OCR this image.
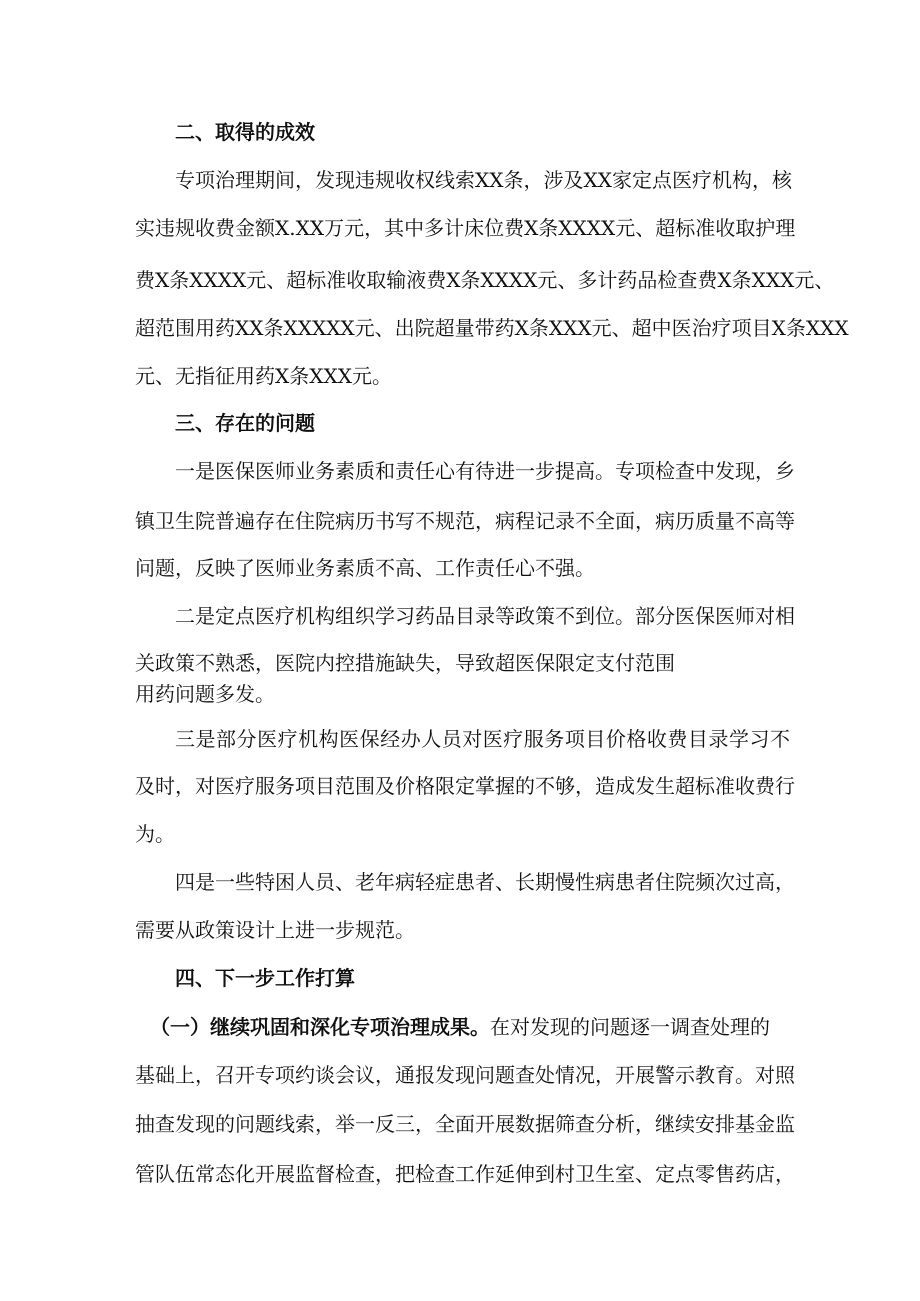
二、取得的成效
专项治理期间，发现违规收权线索XX条，涉及XX家定点医疗机构，核
实违规收费金额X.XX万元，其中多计床位费X条XXXX元、超标准收取护理
费X条XXXX元、超标准收取输液费X条XXXX元、多计药品检查费X条XXX元、
超范围用药XX条XXXXX元、出院超量带药X条XXX元、超中医治疗项目X条XXX
元、无指征用药X条XXX元。
三、存在的问题
一是医保医师业务素质和责任心有待进一步提高。专项检查中发现，乡
镇卫生院普遍存在住院病历书写不规范，病程记录不全面，病历质量不高等
问题，反映了医师业务素质不高、工作责任心不强。
二是定点医疗机构组织学习药品目录等政策不到位。部分医保医师对相
关政策不熟悉，医院内控措施缺失，导致超医保限定支付范围
用药问题多发。
三是部分医疗机构医保经办人员对医疗服务项目价格收费目录学习不
及时，对医疗服务项目范围及价格限定掌握的不够，造成发生超标准收费行
为。
四是一些特困人员、老年病轻症患者、长期慢性病患者住院频次过高，
需要从政策设计上进一步规范。
四、下一步工作打算
（一）继续巩固和深化专项治理成果。在对发现的问题逐一调查处理的
基础上，召开专项约谈会议，通报发现问题查处情况，开展警示教育。对照
抽查发现的问题线索，举一反三，全面开展数据筛查分析，继续安排基金监
管队伍常态化开展监督检查，把检查工作延伸到村卫生室、定点零售药店，
